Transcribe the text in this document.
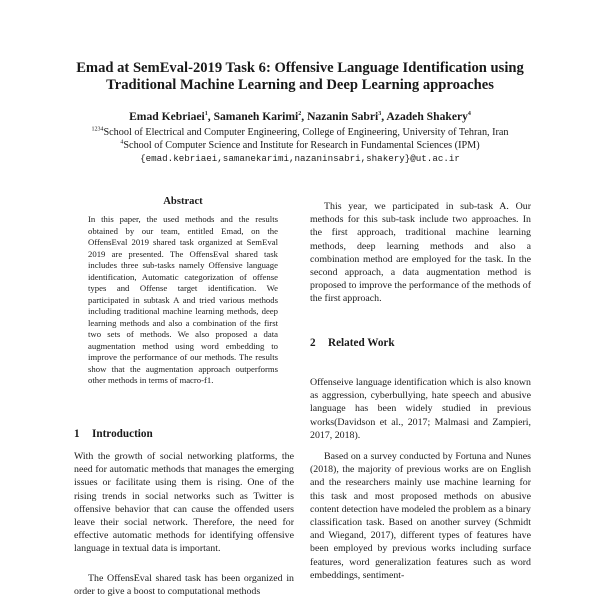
Emad at SemEval-2019 Task 6: Offensive Language Identification using
Traditional Machine Learning and Deep Learning approaches
Emad Kebriaei$^1$, Samaneh Karimi$^2$, Nazanin Sabri$^3$, Azadeh Shakery$^4$
$^{1234}$School of Electrical and Computer Engineering, College of Engineering, University of Tehran, Iran
$^4$School of Computer Science and Institute for Research in Fundamental Sciences (IPM)
{emad.kebriaei,samanekarimi,nazaninsabri,shakery}@ut.ac.ir
Abstract
In this paper, the used methods and the results obtained by our team, entitled Emad, on the OffensEval 2019 shared task organized at SemEval 2019 are presented. The OffensEval shared task includes three sub-tasks namely Offensive language identification, Automatic categorization of offense types and Offense target identification. We participated in subtask A and tried various methods including traditional machine learning methods, deep learning methods and also a combination of the first two sets of methods. We also proposed a data augmentation method using word embedding to improve the performance of our methods. The results show that the augmentation approach outperforms other methods in terms of macro-f1.
1 Introduction
With the growth of social networking platforms, the need for automatic methods that manages the emerging issues or facilitate using them is rising. One of the rising trends in social networks such as Twitter is offensive behavior that can cause the offended users leave their social network. Therefore, the need for effective automatic methods for identifying offensive language in textual data is important.
The OffensEval shared task has been organized in order to give a boost to computational methods
This year, we participated in sub-task A. Our methods for this sub-task include two approaches. In the first approach, traditional machine learning methods, deep learning methods and also a combination method are employed for the task. In the second approach, a data augmentation method is proposed to improve the performance of the methods of the first approach.
2 Related Work
Offenseive language identification which is also known as aggression, cyberbullying, hate speech and abusive language has been widely studied in previous works(Davidson et al., 2017; Malmasi and Zampieri, 2017, 2018).
Based on a survey conducted by Fortuna and Nunes (2018), the majority of previous works are on English and the researchers mainly use machine learning for this task and most proposed methods on abusive content detection have modeled the problem as a binary classification task. Based on another survey (Schmidt and Wiegand, 2017), different types of features have been employed by previous works including surface features, word generalization features such as word embeddings, sentiment-
